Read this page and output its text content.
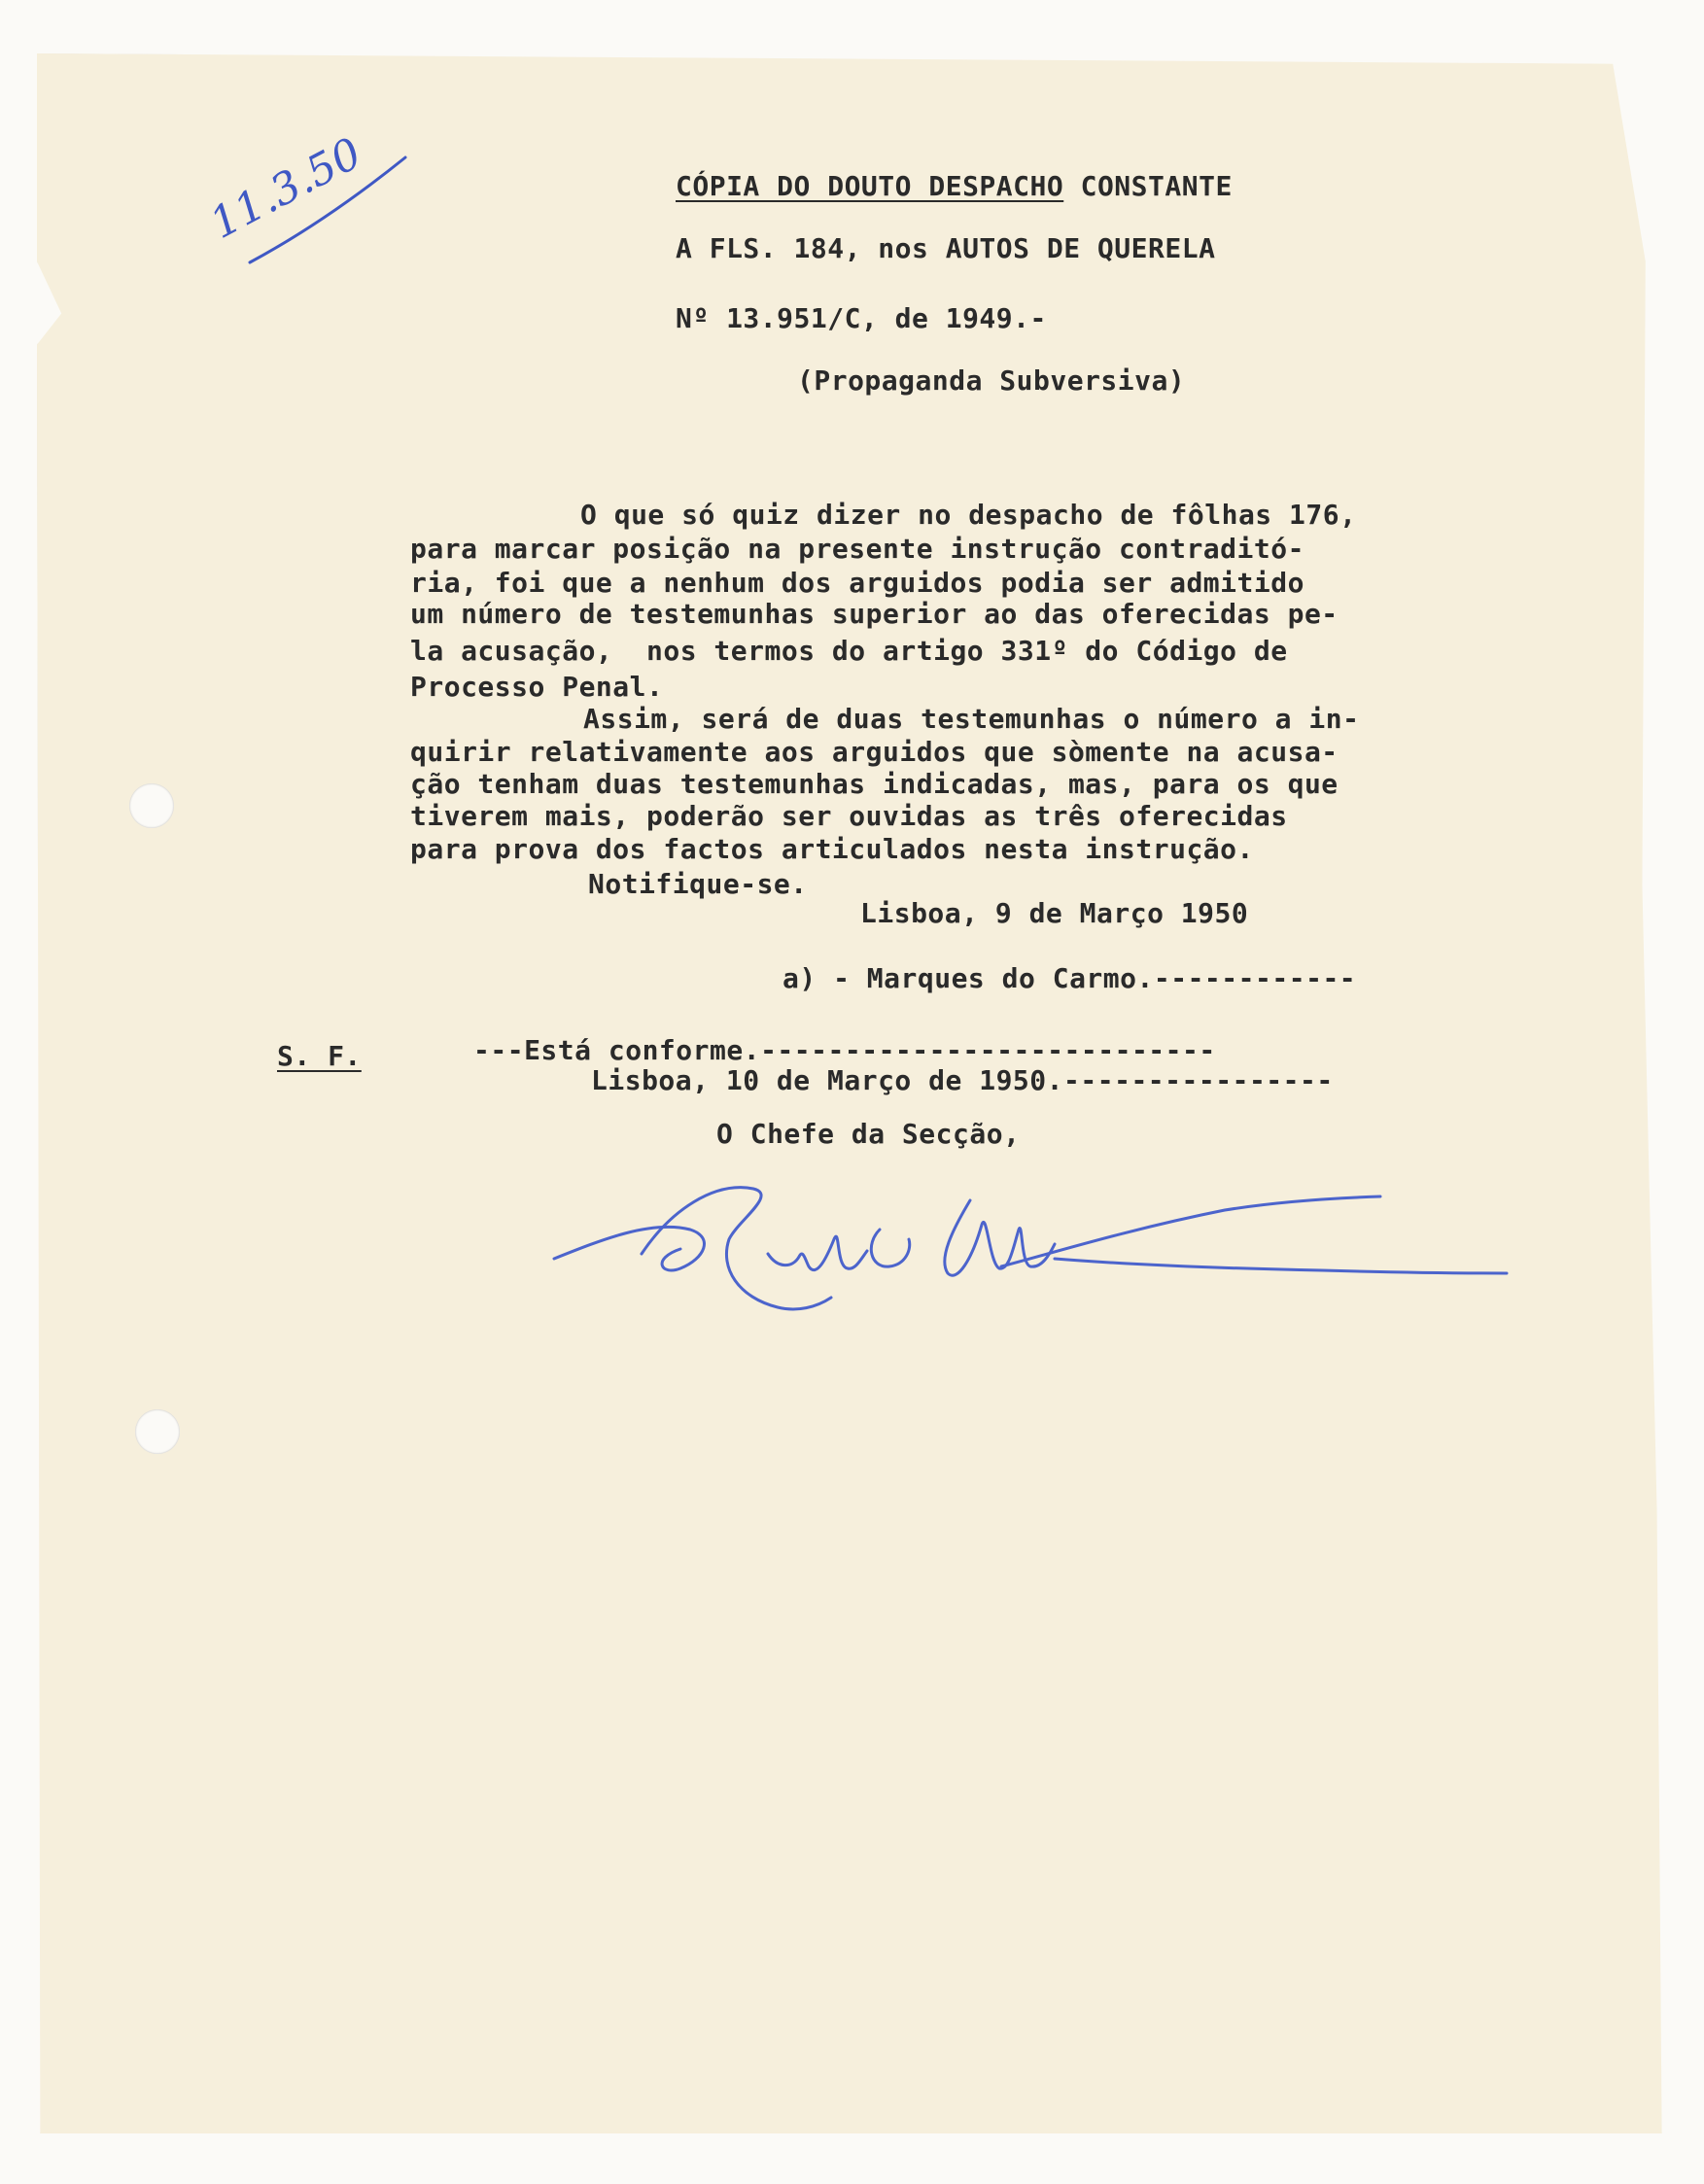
11.3.50	CÓPIA DO DOUTO DESPACHO CONSTANTE
A FLS. 184, nos AUTOS DE QUERELA
Nº 13.951/C, de 1949.-
(Propaganda Subversiva)
O que só quiz dizer no despacho de fôlhas 176,
para marcar posição na presente instrução contraditó-
ria, foi que a nenhum dos arguidos podia ser admitido
um número de testemunhas superior ao das oferecidas pe-
la acusação,  nos termos do artigo 331º do Código de
Processo Penal.
Assim, será de duas testemunhas o número a in-
quirir relativamente aos arguidos que sòmente na acusa-
ção tenham duas testemunhas indicadas, mas, para os que
tiverem mais, poderão ser ouvidas as três oferecidas
para prova dos factos articulados nesta instrução.
Notifique-se.
Lisboa, 9 de Março 1950
a) - Marques do Carmo.------------
S. F.	---Está conforme.---------------------------
Lisboa, 10 de Março de 1950.----------------
O Chefe da Secção,
